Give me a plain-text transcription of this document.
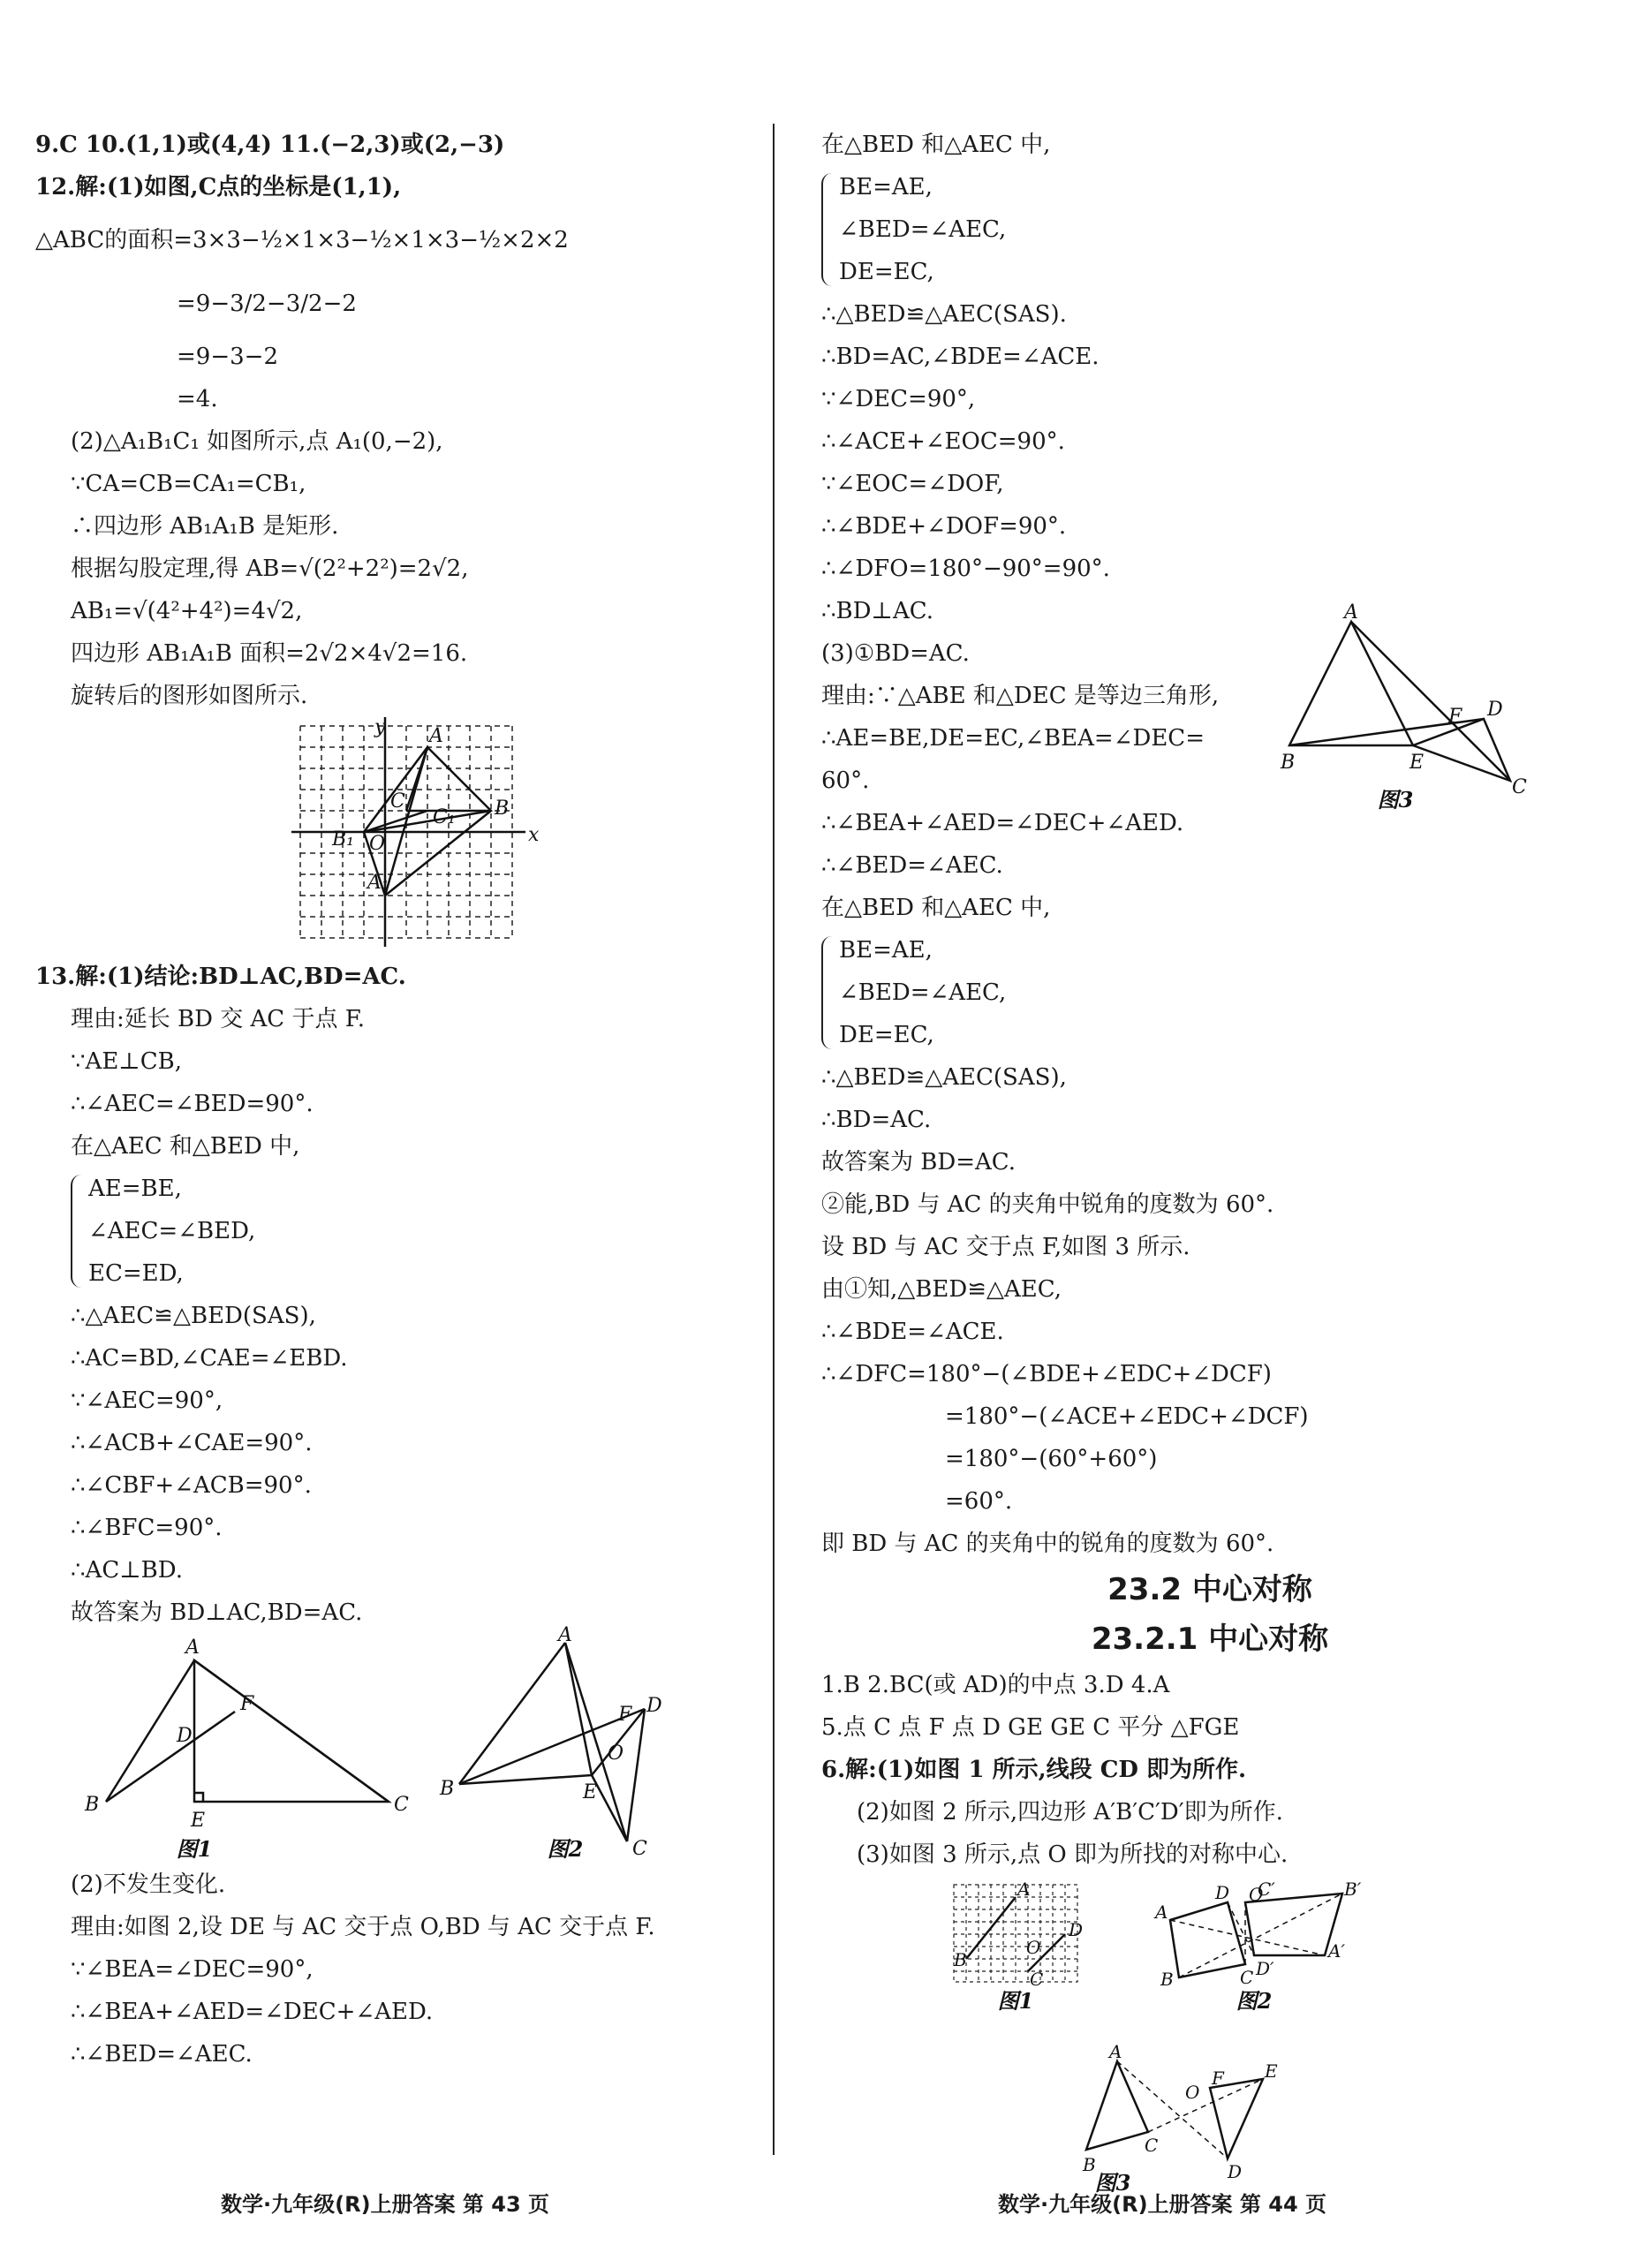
9.C 10.(1,1)或(4,4) 11.(−2,3)或(2,−3)
12.解:(1)如图,C点的坐标是(1,1),
△ABC的面积=3×3−½×1×3−½×1×3−½×2×2
=9−3/2−3/2−2
=9−3−2
=4.
(2)△A₁B₁C₁ 如图所示,点 A₁(0,−2),
∵CA=CB=CA₁=CB₁,
∴四边形 AB₁A₁B 是矩形.
根据勾股定理,得 AB=√(2²+2²)=2√2,
AB₁=√(4²+4²)=4√2,
四边形 AB₁A₁B 面积=2√2×4√2=16.
旋转后的图形如图所示.
y
x
A
B
C
C₁
O
B₁
A₁
13.解:(1)结论:BD⊥AC,BD=AC.
理由:延长 BD 交 AC 于点 F.
∵AE⊥CB,
∴∠AEC=∠BED=90°.
在△AEC 和△BED 中,
AE=BE,
∠AEC=∠BED,
EC=ED,
∴△AEC≌△BED(SAS),
∴AC=BD,∠CAE=∠EBD.
∵∠AEC=90°,
∴∠ACB+∠CAE=90°.
∴∠CBF+∠ACB=90°.
∴∠BFC=90°.
∴AC⊥BD.
故答案为 BD⊥AC,BD=AC.
A
D
F
B
E
C
图1
A
F D
O
B	E
C
图2
(2)不发生变化.
理由:如图 2,设 DE 与 AC 交于点 O,BD 与 AC 交于点 F.
∵∠BEA=∠DEC=90°,
∴∠BEA+∠AED=∠DEC+∠AED.
∴∠BED=∠AEC.
在△BED 和△AEC 中,
BE=AE,
∠BED=∠AEC,
DE=EC,
∴△BED≌△AEC(SAS).
∴BD=AC,∠BDE=∠ACE.
∵∠DEC=90°,
∴∠ACE+∠EOC=90°.
∵∠EOC=∠DOF,
∴∠BDE+∠DOF=90°.
∴∠DFO=180°−90°=90°.
∴BD⊥AC.
(3)①BD=AC.
理由:∵△ABE 和△DEC 是等边三角形,
∴AE=BE,DE=EC,∠BEA=∠DEC=
60°.
A
B	E
F D
C
图3
∴∠BEA+∠AED=∠DEC+∠AED.
∴∠BED=∠AEC.
在△BED 和△AEC 中,
BE=AE,
∠BED=∠AEC,
DE=EC,
∴△BED≌△AEC(SAS),
∴BD=AC.
故答案为 BD=AC.
②能,BD 与 AC 的夹角中锐角的度数为 60°.
设 BD 与 AC 交于点 F,如图 3 所示.
由①知,△BED≌△AEC,
∴∠BDE=∠ACE.
∴∠DFC=180°−(∠BDE+∠EDC+∠DCF)
=180°−(∠ACE+∠EDC+∠DCF)
=180°−(60°+60°)
=60°.
即 BD 与 AC 的夹角中的锐角的度数为 60°.
23.2 中心对称
23.2.1 中心对称
1.B 2.BC(或 AD)的中点 3.D 4.A
5.点 C 点 F 点 D GE GE C 平分 △FGE
6.解:(1)如图 1 所示,线段 CD 即为所作.
(2)如图 2 所示,四边形 A′B′C′D′即为所作.
(3)如图 3 所示,点 O 即为所找的对称中心.
A
B
O
D
C
图1
A
D
B	C
O
C′	B′
A′
D′
图2
A
B
C
O
F E
D
图3
数学·九年级(R)上册答案 第 43 页	数学·九年级(R)上册答案 第 44 页
